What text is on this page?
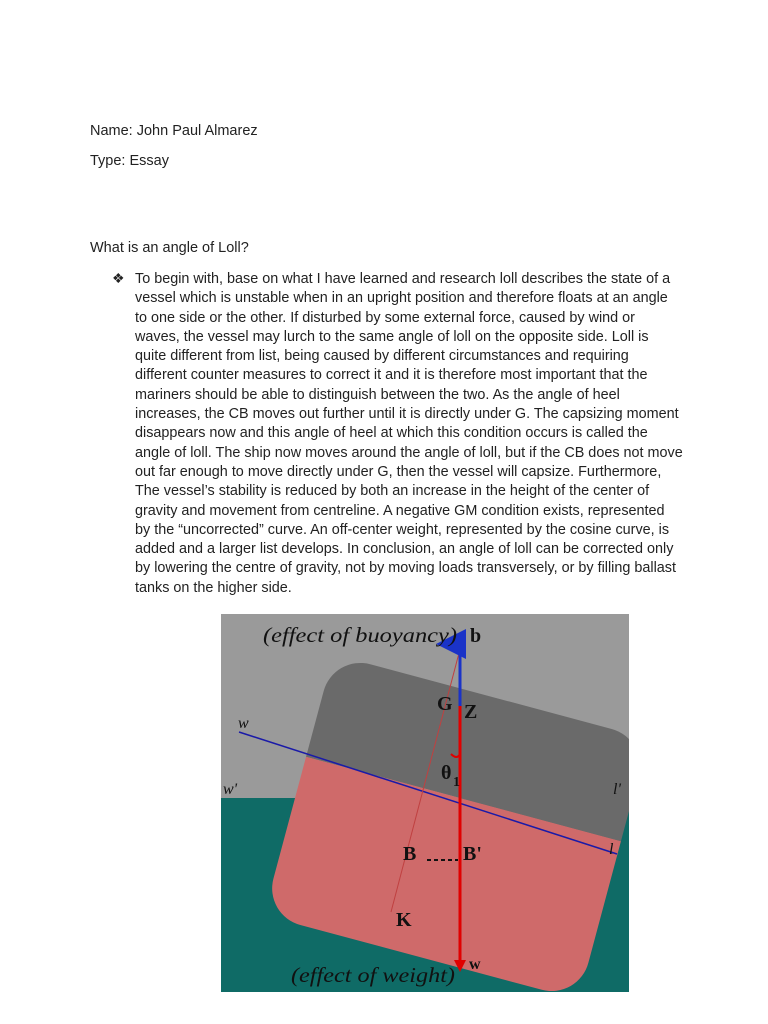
Name: John Paul Almarez
Type: Essay
What is an angle of Loll?
❖ To begin with, base on what I have learned and research loll describes the state of a vessel which is unstable when in an upright position and therefore floats at an angle to one side or the other. If disturbed by some external force, caused by wind or waves, the vessel may lurch to the same angle of loll on the opposite side. Loll is quite different from list, being caused by different circumstances and requiring different counter measures to correct it and it is therefore most important that the mariners should be able to distinguish between the two. As the angle of heel increases, the CB moves out further until it is directly under G. The capsizing moment disappears now and this angle of heel at which this condition occurs is called the angle of loll. The ship now moves around the angle of loll, but if the CB does not move out far enough to move directly under G, then the vessel will capsize. Furthermore, The vessel’s stability is reduced by both an increase in the height of the center of gravity and movement from centreline. A negative GM condition exists, represented by the “uncorrected” curve. An off-center weight, represented by the cosine curve, is added and a larger list develops. In conclusion, an angle of loll can be corrected only by lowering the centre of gravity, not by moving loads transversely, or by filling ballast tanks on the higher side.

(effect of buoyancy) b
G Z
θ 1
w
w'	l'
l
B B'
K
(effect of weight) w
